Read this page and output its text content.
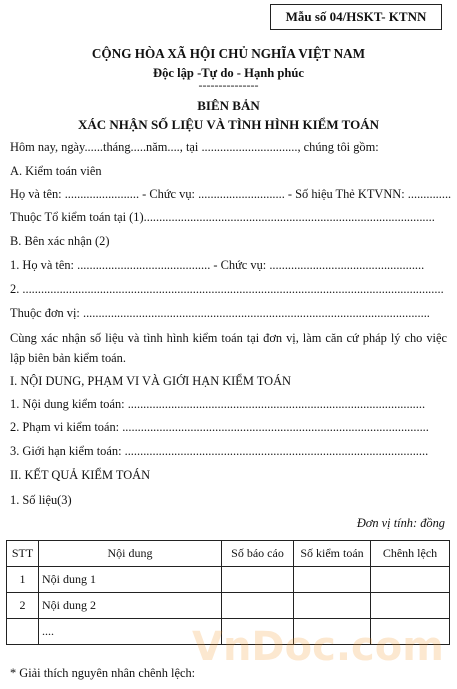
Mẫu số 04/HSKT- KTNN
CỘNG HÒA XÃ HỘI CHỦ NGHĨA VIỆT NAM
Độc lập -Tự do - Hạnh phúc
---------------
BIÊN BẢN
XÁC NHẬN SỐ LIỆU VÀ TÌNH HÌNH KIỂM TOÁN
Hôm nay, ngày......tháng.....năm...., tại ..............................., chúng tôi gồm:
A. Kiểm toán viên
Họ và tên: ........................ - Chức vụ: ............................ - Số hiệu Thẻ KTVNN: ..............
Thuộc Tổ kiểm toán tại (1)..............................................................................................
B. Bên xác nhận (2)
1. Họ và tên: ........................................... - Chức vụ: ..................................................
2. ........................................................................................................................................
Thuộc đơn vị: ................................................................................................................
Cùng xác nhận số liệu và tình hình kiểm toán tại đơn vị, làm căn cứ pháp lý cho việc lập biên bản kiểm toán.
I. NỘI DUNG, PHẠM VI VÀ GIỚI HẠN KIỂM TOÁN
1. Nội dung kiểm toán: ................................................................................................
2. Phạm vi kiểm toán: ...................................................................................................
3. Giới hạn kiểm toán: ..................................................................................................
II. KẾT QUẢ KIỂM TOÁN
1. Số liệu(3)
Đơn vị tính: đồng
STT	Nội dung	Số báo cáo	Số kiểm toán	Chênh lệch
1	Nội dung 1			
2	Nội dung 2			
	....				VnDoc.com
* Giải thích nguyên nhân chênh lệch:
